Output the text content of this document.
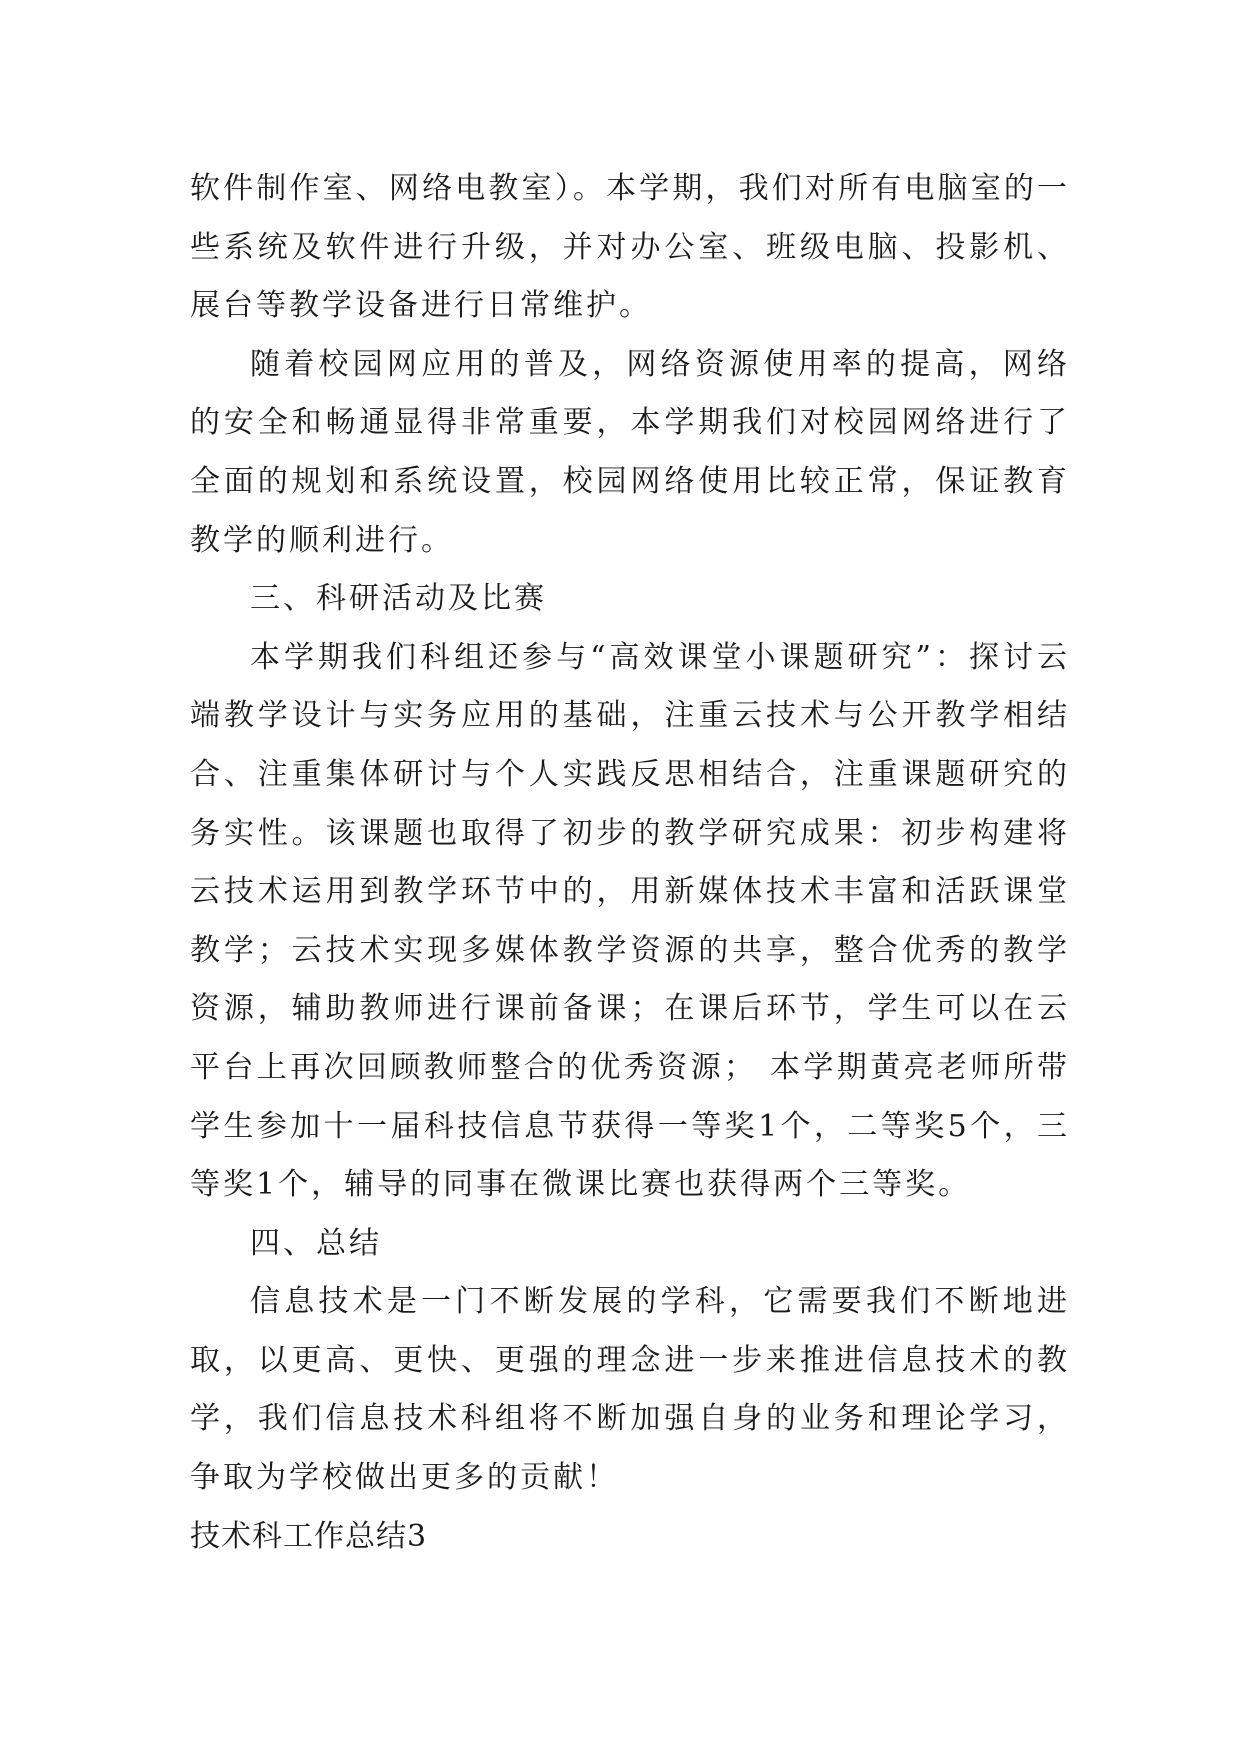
软件制作室、网络电教室）。本学期，我们对所有电脑室的一些系统及软件进行升级，并对办公室、班级电脑、投影机、展台等教学设备进行日常维护。

随着校园网应用的普及，网络资源使用率的提高，网络的安全和畅通显得非常重要，本学期我们对校园网络进行了全面的规划和系统设置，校园网络使用比较正常，保证教育教学的顺利进行。

三、科研活动及比赛

本学期我们科组还参与“高效课堂小课题研究”：探讨云端教学设计与实务应用的基础，注重云技术与公开教学相结合、注重集体研讨与个人实践反思相结合，注重课题研究的务实性。该课题也取得了初步的教学研究成果：初步构建将云技术运用到教学环节中的，用新媒体技术丰富和活跃课堂教学；云技术实现多媒体教学资源的共享，整合优秀的教学资源，辅助教师进行课前备课；在课后环节，学生可以在云平台上再次回顾教师整合的优秀资源； 本学期黄亮老师所带学生参加十一届科技信息节获得一等奖1个，二等奖5个，三等奖1个，辅导的同事在微课比赛也获得两个三等奖。

四、总结

信息技术是一门不断发展的学科，它需要我们不断地进取，以更高、更快、更强的理念进一步来推进信息技术的教学，我们信息技术科组将不断加强自身的业务和理论学习，争取为学校做出更多的贡献！

技术科工作总结3
